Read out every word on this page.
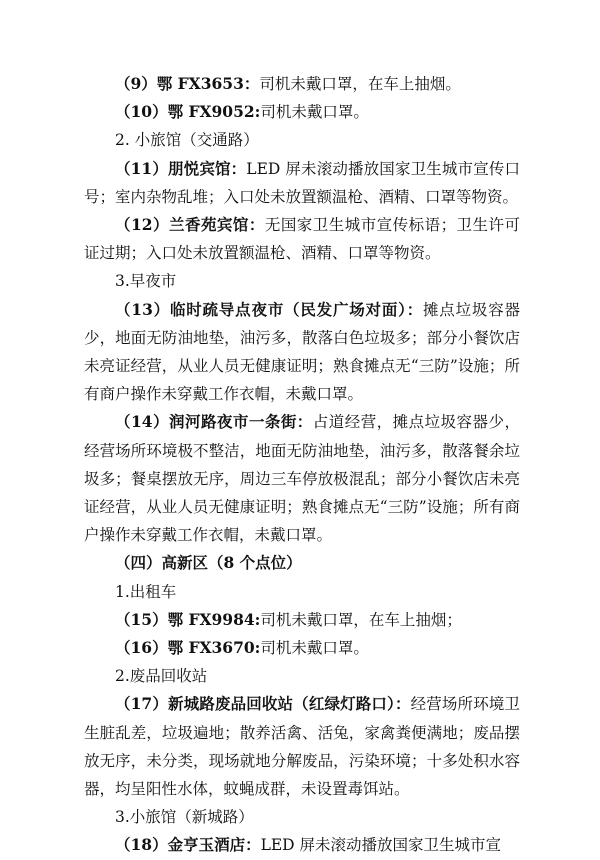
（9）鄂 FX3653：司机未戴口罩，在车上抽烟。

（10）鄂 FX9052:司机未戴口罩。

2. 小旅馆（交通路）

（11）朋悦宾馆：LED 屏未滚动播放国家卫生城市宣传口号；室内杂物乱堆；入口处未放置额温枪、酒精、口罩等物资。

（12）兰香苑宾馆：无国家卫生城市宣传标语；卫生许可证过期；入口处未放置额温枪、酒精、口罩等物资。

3.早夜市

（13）临时疏导点夜市（民发广场对面）：摊点垃圾容器少，地面无防油地垫，油污多，散落白色垃圾多；部分小餐饮店未亮证经营，从业人员无健康证明；熟食摊点无“三防”设施；所有商户操作未穿戴工作衣帽，未戴口罩。

（14）润河路夜市一条街：占道经营，摊点垃圾容器少，经营场所环境极不整洁，地面无防油地垫，油污多，散落餐余垃圾多；餐桌摆放无序，周边三车停放极混乱；部分小餐饮店未亮证经营，从业人员无健康证明；熟食摊点无“三防”设施；所有商户操作未穿戴工作衣帽，未戴口罩。

（四）高新区（8 个点位）

1.出租车

（15）鄂 FX9984:司机未戴口罩，在车上抽烟；

（16）鄂 FX3670:司机未戴口罩。

2.废品回收站

（17）新城路废品回收站（红绿灯路口）：经营场所环境卫生脏乱差，垃圾遍地；散养活禽、活兔，家禽粪便满地；废品摆放无序，未分类，现场就地分解废品，污染环境；十多处积水容器，均呈阳性水体，蚊蝇成群，未设置毒饵站。

3.小旅馆（新城路）

（18）金亨玉酒店：LED 屏未滚动播放国家卫生城市宣
